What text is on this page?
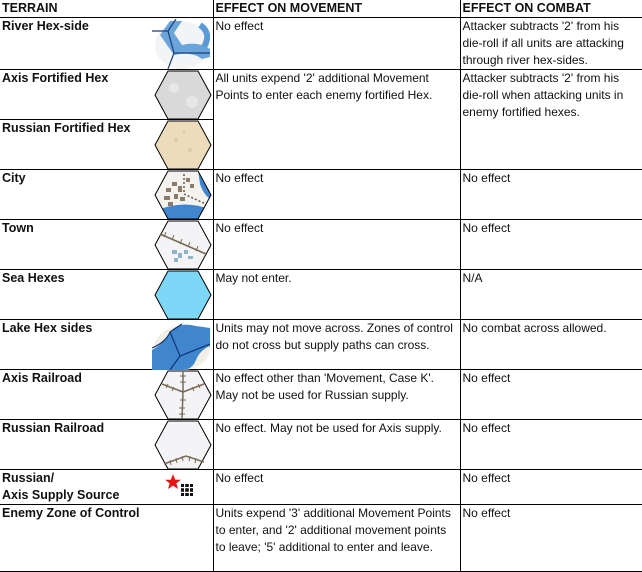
TERRAIN	EFFECT ON MOVEMENT	EFFECT ON COMBAT
River Hex-side	No effect	Attacker subtracts '2' from his die-roll if all units are attacking through river hex-sides.
Axis Fortified Hex	All units expend '2' additional Movement Points to enter each enemy fortified Hex.	Attacker subtracts '2' from his die-roll when attacking units in enemy fortified hexes.
Russian Fortified Hex		

City	No effect	No effect
Town	No effect	No effect
Sea Hexes	May not enter.	N/A
Lake Hex sides	Units may not move across. Zones of control do not cross but supply paths can cross.	No combat across allowed.
Axis Railroad	No effect other than 'Movement, Case K'. May not be used for Russian supply.	No effect
Russian Railroad	No effect. May not be used for Axis supply.	No effect

Russian/
Axis Supply Source	No effect	No effect
Enemy Zone of Control	Units expend '3' additional Movement Points to enter, and '2' additional movement points to leave; '5' additional to enter and leave.	No effect
